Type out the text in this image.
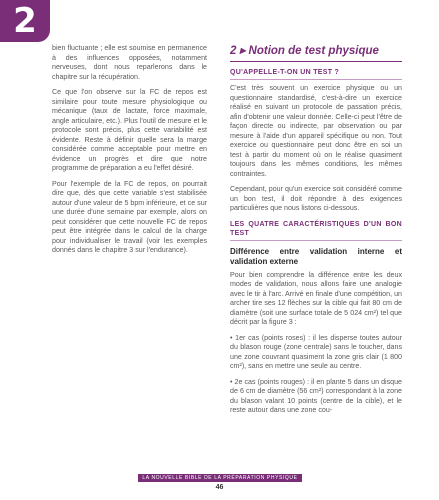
2

bien fluctuante ; elle est soumise en permanence à des influences opposées, notamment nerveuses, dont nous reparlerons dans le chapitre sur la récupération.

Ce que l'on observe sur la FC de repos est similaire pour toute mesure physiologique ou mécanique (taux de lactate, force maximale, angle articulaire, etc.). Plus l'outil de mesure et le protocole sont précis, plus cette variabilité est évidente. Reste à définir quelle sera la marge considérée comme acceptable pour mettre en évidence un progrès et dire que notre programme de préparation a eu l'effet désiré.

Pour l'exemple de la FC de repos, on pourrait dire que, dès que cette variable s'est stabilisée autour d'une valeur de 5 bpm inférieure, et ce sur une durée d'une semaine par exemple, alors on peut considérer que cette nouvelle FC de repos peut être intégrée dans le calcul de la charge pour individualiser le travail (voir les exemples donnés dans le chapitre 3 sur l'endurance).

2 ▸ Notion de test physique
QU'APPELLE-T-ON UN TEST ?

C'est très souvent un exercice physique ou un questionnaire standardisé, c'est-à-dire un exercice réalisé en suivant un protocole de passation précis, afin d'obtenir une valeur donnée. Celle-ci peut l'être de façon directe ou indirecte, par observation ou par mesure à l'aide d'un appareil spécifique ou non. Tout exercice ou questionnaire peut donc être en soi un test à partir du moment où on le réalise quasiment toujours dans les mêmes conditions, les mêmes contraintes.

Cependant, pour qu'un exercice soit considéré comme un bon test, il doit répondre à des exigences particulières que nous listons ci-dessous.

LES QUATRE CARACTÉRISTIQUES D'UN BON TEST
Différence entre validation interne et validation externe

Pour bien comprendre la différence entre les deux modes de validation, nous allons faire une analogie avec le tir à l'arc. Arrivé en finale d'une compétition, un archer tire ses 12 flèches sur la cible qui fait 80 cm de diamètre (soit une surface totale de 5 024 cm²) tel que décrit par la figure 3 :

• 1er cas (points roses) : il les disperse toutes autour du blason rouge (zone centrale) sans le toucher, dans une zone couvrant quasiment la zone gris clair (1 800 cm²), sans en mettre une seule au centre.

• 2e cas (points rouges) : il en plante 5 dans un disque de 6 cm de diamètre (56 cm²) correspondant à la zone du blason valant 10 points (centre de la cible), et le reste autour dans une zone cou-

LA NOUVELLE BIBLE DE LA PRÉPARATION PHYSIQUE
46
